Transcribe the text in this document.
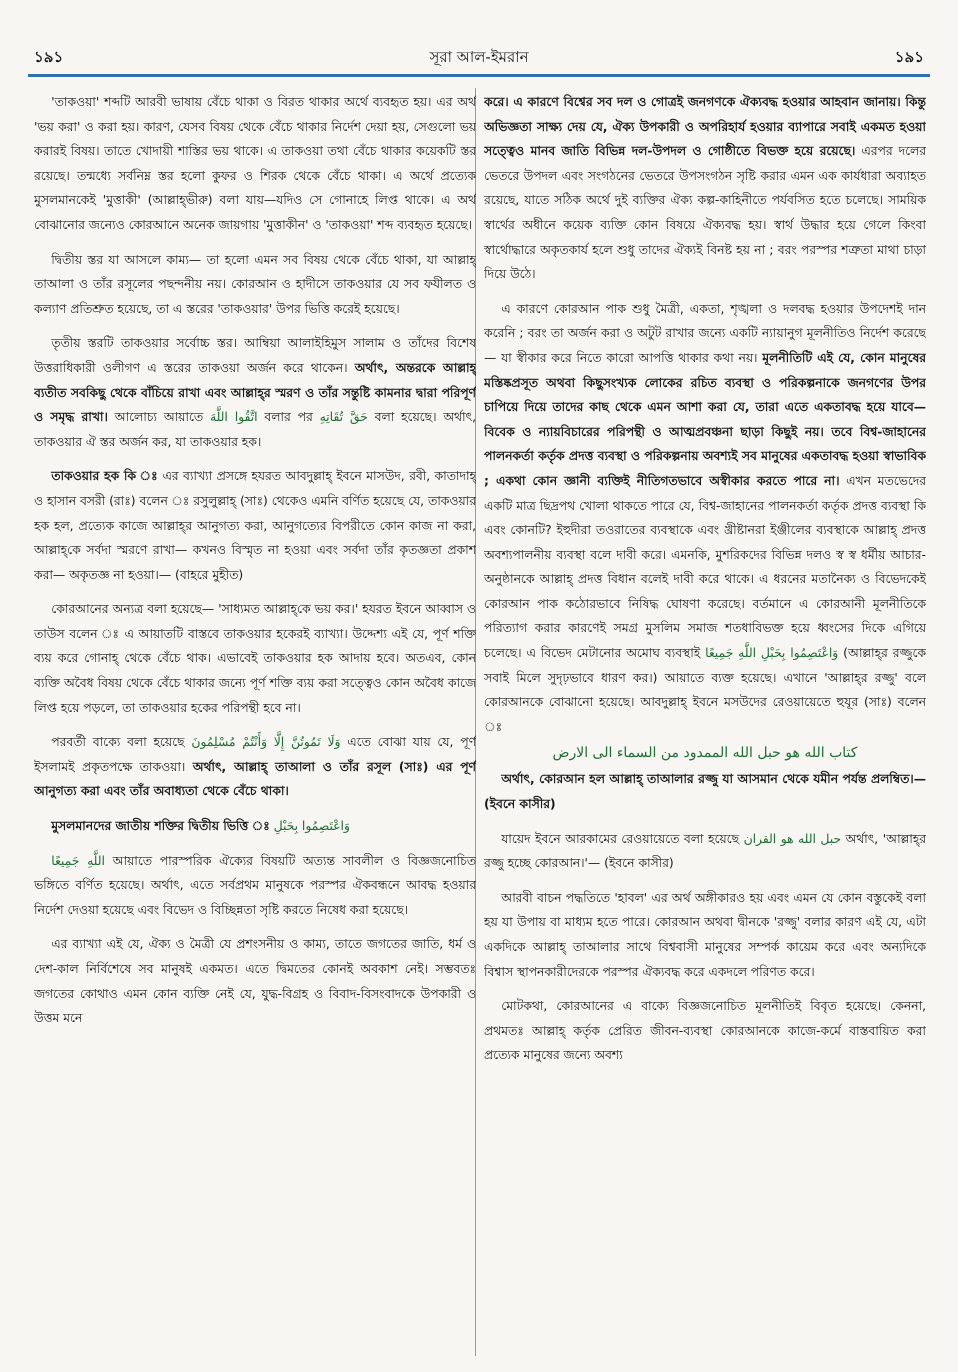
১৯১	সূরা আল-ইমরান	১৯১

'তাকওয়া' শব্দটি আরবী ভাষায় বেঁচে থাকা ও বিরত থাকার অর্থে ব্যবহৃত হয়। এর অর্থ 'ভয় করা' ও করা হয়। কারণ, যেসব বিষয় থেকে বেঁচে থাকার নির্দেশ দেয়া হয়, সেগুলো ভয় করারই বিষয়। তাতে খোদায়ী শাস্তির ভয় থাকে। এ তাকওয়া তথা বেঁচে থাকার কয়েকটি স্তর রয়েছে। তন্মধ্যে সর্বনিম্ন স্তর হলো কুফর ও শিরক থেকে বেঁচে থাকা। এ অর্থে প্রত্যেক মুসলমানকেই 'মুত্তাকী' (আল্লাহ্‌ভীরু) বলা যায়—যদিও সে গোনাহে লিপ্ত থাকে। এ অর্থ বোঝানোর জন্যেও কোরআনে অনেক জায়গায় 'মুত্তাকীন' ও 'তাকওয়া' শব্দ ব্যবহৃত হয়েছে।

দ্বিতীয় স্তর যা আসলে কাম্য— তা হলো এমন সব বিষয় থেকে বেঁচে থাকা, যা আল্লাহ্‌ তাআলা ও তাঁর রসূলের পছন্দনীয় নয়। কোরআন ও হাদীসে তাকওয়ার যে সব ফযীলত ও কল্যাণ প্রতিশ্রুত হয়েছে, তা এ স্তরের 'তাকওয়ার' উপর ভিত্তি করেই হয়েছে।

তৃতীয় স্তরটি তাকওয়ার সর্বোচ্চ স্তর। আম্বিয়া আলাইহিমুস সালাম ও তাঁদের বিশেষ উত্তরাধিকারী ওলীগণ এ স্তরের তাকওয়া অর্জন করে থাকেন। অর্থাৎ, অন্তরকে আল্লাহ্‌ ব্যতীত সবকিছু থেকে বাঁচিয়ে রাখা এবং আল্লাহ্‌র স্মরণ ও তাঁর সন্তুষ্টি কামনার দ্বারা পরিপূর্ণ ও সমৃদ্ধ রাখা। আলোচ্য আয়াতে اتَّقُوا اللَّهَ বলার পর حَقَّ تُقَاتِهِ বলা হয়েছে। অর্থাৎ, তাকওয়ার ঐ স্তর অর্জন কর, যা তাকওয়ার হক।

তাকওয়ার হক কি ঃ এর ব্যাখ্যা প্রসঙ্গে হযরত আবদুল্লাহ্‌ ইবনে মাসউদ, রবী, কাতাদাহ্‌ ও হাসান বসরী (রাঃ) বলেন ঃ রসুলুল্লাহ্‌ (সাঃ) থেকেও এমনি বর্ণিত হয়েছে যে, তাকওয়ার হক হল, প্রত্যেক কাজে আল্লাহ্‌র আনুগত্য করা, আনুগত্যের বিপরীতে কোন কাজ না করা, আল্লাহ্‌কে সর্বদা স্মরণে রাখা— কখনও বিস্মৃত না হওয়া এবং সর্বদা তাঁর কৃতজ্ঞতা প্রকাশ করা— অকৃতজ্ঞ না হওয়া।— (বাহরে মুহীত)

কোরআনের অন্যত্র বলা হয়েছে— 'সাধ্যমত আল্লাহ্‌কে ভয় কর।' হযরত ইবনে আব্বাস ও তাউস বলেন ঃ এ আয়াতটি বাস্তবে তাকওয়ার হকেরই ব্যাখ্যা। উদ্দেশ্য এই যে, পূর্ণ শক্তি ব্যয় করে গোনাহ্‌ থেকে বেঁচে থাক। এভাবেই তাকওয়ার হক আদায় হবে। অতএব, কোন ব্যক্তি অবৈধ বিষয় থেকে বেঁচে থাকার জন্যে পূর্ণ শক্তি ব্যয় করা সত্ত্বেও কোন অবৈধ কাজে লিপ্ত হয়ে পড়লে, তা তাকওয়ার হকের পরিপন্থী হবে না।

পরবর্তী বাক্যে বলা হয়েছে وَلَا تَمُوتُنَّ إِلَّا وَأَنْتُمْ مُسْلِمُونَ এতে বোঝা যায় যে, পূর্ণ ইসলামই প্রকৃতপক্ষে তাকওয়া। অর্থাৎ, আল্লাহ্‌ তাআলা ও তাঁর রসূল (সাঃ) এর পূর্ণ আনুগত্য করা এবং তাঁর অবাধ্যতা থেকে বেঁচে থাকা।

মুসলমানদের জাতীয় শক্তির দ্বিতীয় ভিত্তি ঃ وَاعْتَصِمُوا بِحَبْلِ

اللَّهِ جَمِيعًا আয়াতে পারস্পরিক ঐক্যের বিষয়টি অত্যন্ত সাবলীল ও বিজ্ঞজনোচিত ভঙ্গিতে বর্ণিত হয়েছে। অর্থাৎ, এতে সর্বপ্রথম মানুষকে পরস্পর ঐকবন্ধনে আবদ্ধ হওয়ার নির্দেশ দেওয়া হয়েছে এবং বিভেদ ও বিচ্ছিন্নতা সৃষ্টি করতে নিষেধ করা হয়েছে।

এর ব্যাখ্যা এই যে, ঐক্য ও মৈত্রী যে প্রশংসনীয় ও কাম্য, তাতে জগতের জাতি, ধর্ম ও দেশ-কাল নির্বিশেষে সব মানুষই একমত। এতে দ্বিমতের কোনই অবকাশ নেই। সম্ভবতঃ জগতের কোথাও এমন কোন ব্যক্তি নেই যে, যুদ্ধ-বিগ্রহ ও বিবাদ-বিসংবাদকে উপকারী ও উত্তম মনে

করে। এ কারণে বিশ্বের সব দল ও গোত্রই জনগণকে ঐক্যবদ্ধ হওয়ার আহবান জানায়। কিন্তু অভিজ্ঞতা সাক্ষ্য দেয় যে, ঐক্য উপকারী ও অপরিহার্য হওয়ার ব্যাপারে সবাই একমত হওয়া সত্ত্বেও মানব জাতি বিভিন্ন দল-উপদল ও গোষ্ঠীতে বিভক্ত হয়ে রয়েছে। এরপর দলের ভেতরে উপদল এবং সংগঠনের ভেতরে উপসংগঠন সৃষ্টি করার এমন এক কার্যধারা অব্যাহত রয়েছে, যাতে সঠিক অর্থে দুই ব্যক্তির ঐক্য কল্প-কাহিনীতে পর্যবসিত হতে চলেছে। সাময়িক স্বার্থের অধীনে কয়েক ব্যক্তি কোন বিষয়ে ঐক্যবদ্ধ হয়। স্বার্থ উদ্ধার হয়ে গেলে কিংবা স্বার্থোদ্ধারে অকৃতকার্য হলে শুধু তাদের ঐক্যই বিনষ্ট হয় না ; বরং পরস্পর শত্রুতা মাথা চাড়া দিয়ে উঠে।

এ কারণে কোরআন পাক শুধু মৈত্রী, একতা, শৃঙ্খলা ও দলবদ্ধ হওয়ার উপদেশই দান করেনি ; বরং তা অর্জন করা ও অটুট রাখার জন্যে একটি ন্যায়ানুগ মূলনীতিও নির্দেশ করেছে— যা স্বীকার করে নিতে কারো আপত্তি থাকার কথা নয়। মূলনীতিটি এই যে, কোন মানুষের মস্তিষ্কপ্রসূত অথবা কিছুসংখ্যক লোকের রচিত ব্যবস্থা ও পরিকল্পনাকে জনগণের উপর চাপিয়ে দিয়ে তাদের কাছ থেকে এমন আশা করা যে, তারা এতে একতাবদ্ধ হয়ে যাবে— বিবেক ও ন্যায়বিচারের পরিপন্থী ও আত্মপ্রবঞ্চনা ছাড়া কিছুই নয়। তবে বিশ্ব-জাহানের পালনকর্তা কর্তৃক প্রদত্ত ব্যবস্থা ও পরিকল্পনায় অবশ্যই সব মানুষের একতাবদ্ধ হওয়া স্বাভাবিক ; একথা কোন জ্ঞানী ব্যক্তিই নীতিগতভাবে অস্বীকার করতে পারে না। এখন মতভেদের একটি মাত্র ছিদ্রপথ খোলা থাকতে পারে যে, বিশ্ব-জাহানের পালনকর্তা কর্তৃক প্রদত্ত ব্যবস্থা কি এবং কোনটি? ইহুদীরা তওরাতের ব্যবস্থাকে এবং খ্রীষ্টানরা ইঞ্জীলের ব্যবস্থাকে আল্লাহ্‌ প্রদত্ত অবশ্যপালনীয় ব্যবস্থা বলে দাবী করে। এমনকি, মুশরিকদের বিভিন্ন দলও স্ব স্ব ধর্মীয় আচার-অনুষ্ঠানকে আল্লাহ্‌ প্রদত্ত বিধান বলেই দাবী করে থাকে। এ ধরনের মতানৈক্য ও বিভেদকেই কোরআন পাক কঠোরভাবে নিষিদ্ধ ঘোষণা করেছে। বর্তমানে এ কোরআনী মূলনীতিকে পরিত্যাগ করার কারণেই সমগ্র মুসলিম সমাজ শতধাবিভক্ত হয়ে ধ্বংসের দিকে এগিয়ে চলেছে। এ বিভেদ মেটানোর অমোঘ ব্যবস্থাই وَاعْتَصِمُوا بِحَبْلِ اللَّهِ جَمِيعًا (আল্লাহ্‌র রজ্জুকে সবাই মিলে সুদৃঢ়ভাবে ধারণ কর।) আয়াতে ব্যক্ত হয়েছে। এখানে 'আল্লাহ্‌র রজ্জু' বলে কোরআনকে বোঝানো হয়েছে। আবদুল্লাহ্‌ ইবনে মসউদের রেওয়ায়েতে হুযূর (সাঃ) বলেন ঃ

كتاب الله هو حبل الله الممدود من السماء الى الارض

অর্থাৎ, কোরআন হল আল্লাহ্‌ তাআলার রজ্জু যা আসমান থেকে যমীন পর্যন্ত প্রলম্বিত।— (ইবনে কাসীর)

যায়েদ ইবনে আরকামের রেওয়ায়েতে বলা হয়েছে حبل الله هو القران অর্থাৎ, 'আল্লাহ্‌র রজ্জু হচ্ছে কোরআন।'— (ইবনে কাসীর)

আরবী বাচন পদ্ধতিতে 'হাবল' এর অর্থ অঙ্গীকারও হয় এবং এমন যে কোন বস্তুকেই বলা হয় যা উপায় বা মাধ্যম হতে পারে। কোরআন অথবা দ্বীনকে 'রজ্জু' বলার কারণ এই যে, এটা একদিকে আল্লাহ্‌ তাআলার সাথে বিশ্ববাসী মানুষের সম্পর্ক কায়েম করে এবং অন্যদিকে বিশ্বাস স্থাপনকারীদেরকে পরস্পর ঐক্যবদ্ধ করে একদলে পরিণত করে।

মোটকথা, কোরআনের এ বাক্যে বিজ্ঞজনোচিত মূলনীতিই বিবৃত হয়েছে। কেননা, প্রথমতঃ আল্লাহ্‌ কর্তৃক প্রেরিত জীবন-ব্যবস্থা কোরআনকে কাজে-কর্মে বাস্তবায়িত করা প্রত্যেক মানুষের জন্যে অবশ্য
